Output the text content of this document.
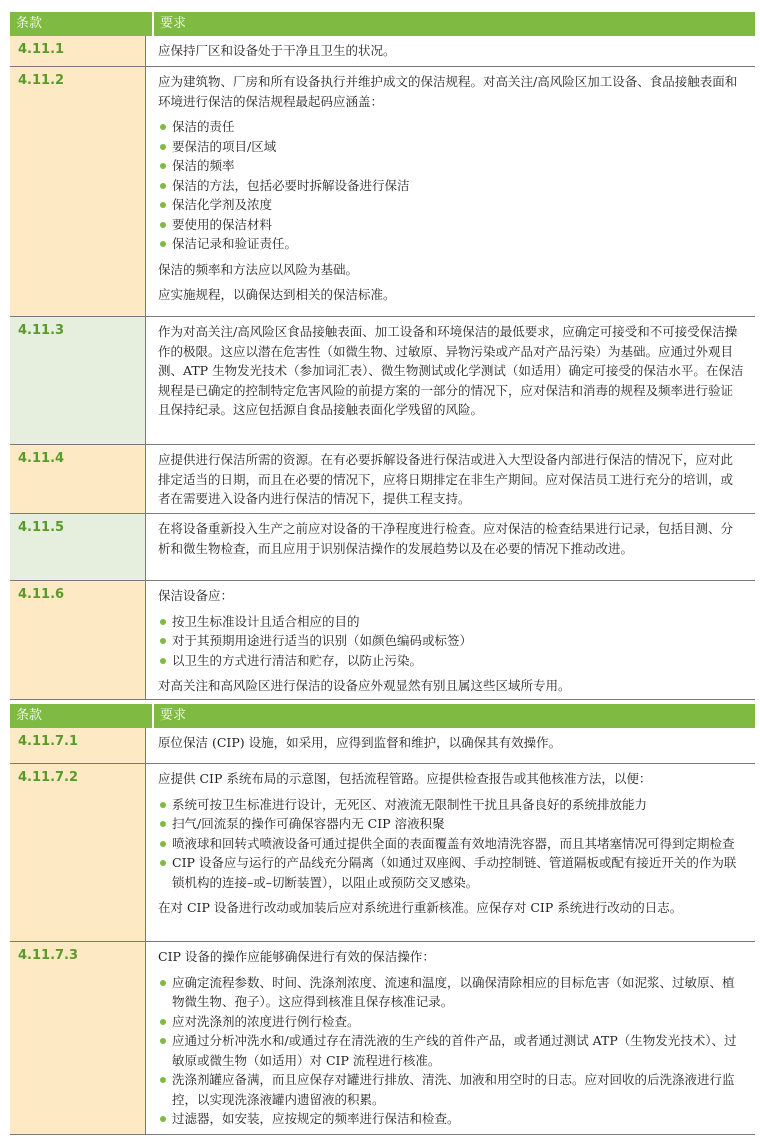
条款	要求
4.11.1	应保持厂区和设备处于干净且卫生的状况。

4.11.2	应为建筑物、厂房和所有设备执行并维护成文的保洁规程。对高关注/高风险区加工设备、食品接触表面和环境进行保洁的保洁规程最起码应涵盖：

保洁的责任
要保洁的项目/区域
保洁的频率
保洁的方法，包括必要时拆解设备进行保洁
保洁化学剂及浓度
要使用的保洁材料
保洁记录和验证责任。

保洁的频率和方法应以风险为基础。

应实施规程，以确保达到相关的保洁标准。

4.11.3	作为对高关注/高风险区食品接触表面、加工设备和环境保洁的最低要求，应确定可接受和不可接受保洁操作的极限。这应以潜在危害性（如微生物、过敏原、异物污染或产品对产品污染）为基础。应通过外观目测、ATP 生物发光技术（参加词汇表）、微生物测试或化学测试（如适用）确定可接受的保洁水平。在保洁规程是已确定的控制特定危害风险的前提方案的一部分的情况下，应对保洁和消毒的规程及频率进行验证且保持纪录。这应包括源自食品接触表面化学残留的风险。

4.11.4	应提供进行保洁所需的资源。在有必要拆解设备进行保洁或进入大型设备内部进行保洁的情况下，应对此排定适当的日期，而且在必要的情况下，应将日期排定在非生产期间。应对保洁员工进行充分的培训，或者在需要进入设备内进行保洁的情况下，提供工程支持。

4.11.5	在将设备重新投入生产之前应对设备的干净程度进行检查。应对保洁的检查结果进行记录，包括目测、分析和微生物检查，而且应用于识别保洁操作的发展趋势以及在必要的情况下推动改进。

4.11.6	保洁设备应：

按卫生标准设计且适合相应的目的
对于其预期用途进行适当的识别（如颜色编码或标签）
以卫生的方式进行清洁和贮存，以防止污染。

对高关注和高风险区进行保洁的设备应外观显然有别且属这些区域所专用。

条款	要求
4.11.7.1	原位保洁 (CIP) 设施，如采用，应得到监督和维护，以确保其有效操作。

4.11.7.2	应提供 CIP 系统布局的示意图，包括流程管路。应提供检查报告或其他核准方法，以便：

系统可按卫生标准进行设计，无死区、对液流无限制性干扰且具备良好的系统排放能力
扫气/回流泵的操作可确保容器内无 CIP 溶液积聚
喷液球和回转式喷液设备可通过提供全面的表面覆盖有效地清洗容器，而且其堵塞情况可得到定期检查
CIP 设备应与运行的产品线充分隔离（如通过双座阀、手动控制链、管道隔板或配有接近开关的作为联锁机构的连接–或–切断装置），以阻止或预防交叉感染。

在对 CIP 设备进行改动或加装后应对系统进行重新核准。应保存对 CIP 系统进行改动的日志。

4.11.7.3	CIP 设备的操作应能够确保进行有效的保洁操作：

应确定流程参数、时间、洗涤剂浓度、流速和温度，以确保清除相应的目标危害（如泥浆、过敏原、植物微生物、孢子）。这应得到核准且保存核准记录。
应对洗涤剂的浓度进行例行检查。
应通过分析冲洗水和/或通过存在清洗液的生产线的首件产品，或者通过测试 ATP（生物发光技术）、过敏原或微生物（如适用）对 CIP 流程进行核准。
洗涤剂罐应备满，而且应保存对罐进行排放、清洗、加液和用空时的日志。应对回收的后洗涤液进行监控，以实现洗涤液罐内遗留液的积累。
过滤器，如安装，应按规定的频率进行保洁和检查。
